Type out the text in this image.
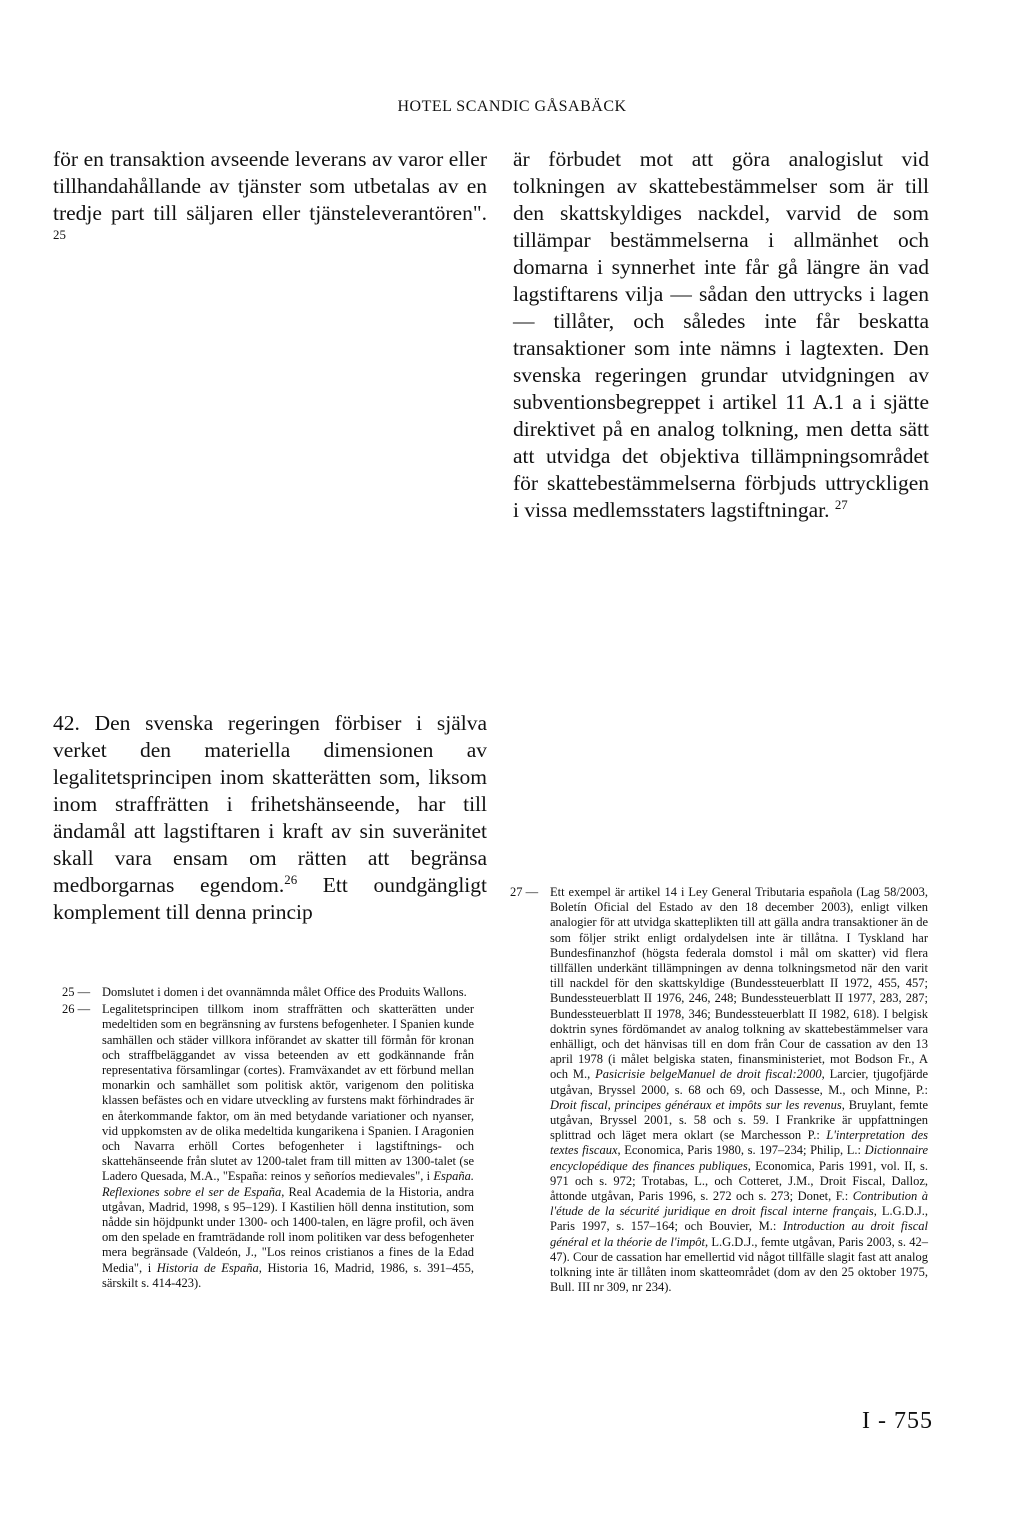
HOTEL SCANDIC GÅSABÄCK
för en transaktion avseende leverans av varor eller tillhandahållande av tjänster som utbetalas av en tredje part till säljaren eller tjänsteleverantören". $^{25}$
är förbudet mot att göra analogislut vid tolkningen av skattebestämmelser som är till den skattskyldiges nackdel, varvid de som tillämpar bestämmelserna i allmänhet och domarna i synnerhet inte får gå längre än vad lagstiftarens vilja — sådan den uttrycks i lagen — tillåter, och således inte får beskatta transaktioner som inte nämns i lagtexten. Den svenska regeringen grundar utvidgningen av subventionsbegreppet i artikel 11 A.1 a i sjätte direktivet på en analog tolkning, men detta sätt att utvidga det objektiva tillämpningsområdet för skattebestämmelserna förbjuds uttryckligen i vissa medlemsstaters lagstiftningar. $^{27}$
42. Den svenska regeringen förbiser i själva verket den materiella dimensionen av legalitetsprincipen inom skatterätten som, liksom inom straffrätten i frihetshänseende, har till ändamål att lagstiftaren i kraft av sin suveränitet skall vara ensam om rätten att begränsa medborgarnas egendom.$^{26}$ Ett oundgängligt komplement till denna princip
25 — Domslutet i domen i det ovannämnda målet Office des Produits Wallons.
26 — Legalitetsprincipen tillkom inom straffrätten och skatterätten under medeltiden som en begränsning av furstens befogenheter. I Spanien kunde samhällen och städer villkora införandet av skatter till förmån för kronan och straffbeläggandet av vissa beteenden av ett godkännande från representativa församlingar (cortes). Framväxandet av ett förbund mellan monarkin och samhället som politisk aktör, varigenom den politiska klassen befästes och en vidare utveckling av furstens makt förhindrades är en återkommande faktor, om än med betydande variationer och nyanser, vid uppkomsten av de olika medeltida kungarikena i Spanien. I Aragonien och Navarra erhöll Cortes befogenheter i lagstiftnings- och skattehänseende från slutet av 1200-talet fram till mitten av 1300-talet (se Ladero Quesada, M.A., "España: reinos y señoríos medievales", i España. Reflexiones sobre el ser de España, Real Academia de la Historia, andra utgåvan, Madrid, 1998, s 95–129). I Kastilien höll denna institution, som nådde sin höjdpunkt under 1300- och 1400-talen, en lägre profil, och även om den spelade en framträdande roll inom politiken var dess befogenheter mera begränsade (Valdeón, J., "Los reinos cristianos a fines de la Edad Media", i Historia de España, Historia 16, Madrid, 1986, s. 391–455, särskilt s. 414-423).
27 — Ett exempel är artikel 14 i Ley General Tributaria española (Lag 58/2003, Boletín Oficial del Estado av den 18 december 2003), enligt vilken analogier för att utvidga skatteplikten till att gälla andra transaktioner än de som följer strikt enligt ordalydelsen inte är tillåtna. I Tyskland har Bundesfinanzhof (högsta federala domstol i mål om skatter) vid flera tillfällen underkänt tillämpningen av denna tolkningsmetod när den varit till nackdel för den skattskyldige (Bundessteuerblatt II 1972, 455, 457; Bundessteuerblatt II 1976, 246, 248; Bundessteuerblatt II 1977, 283, 287; Bundessteuerblatt II 1978, 346; Bundessteuerblatt II 1982, 618). I belgisk doktrin synes fördömandet av analog tolkning av skattebestämmelser vara enhälligt, och det hänvisas till en dom från Cour de cassation av den 13 april 1978 (i målet belgiska staten, finansministeriet, mot Bodson Fr., A och M., Pasicrisie belgeManuel de droit fiscal:2000, Larcier, tjugofjärde utgåvan, Bryssel 2000, s. 68 och 69, och Dassesse, M., och Minne, P.: Droit fiscal, principes généraux et impôts sur les revenus, Bruylant, femte utgåvan, Bryssel 2001, s. 58 och s. 59. I Frankrike är uppfattningen splittrad och läget mera oklart (se Marchesson P.: L'interpretation des textes fiscaux, Economica, Paris 1980, s. 197–234; Philip, L.: Dictionnaire encyclopédique des finances publiques, Economica, Paris 1991, vol. II, s. 971 och s. 972; Trotabas, L., och Cotteret, J.M., Droit Fiscal, Dalloz, åttonde utgåvan, Paris 1996, s. 272 och s. 273; Donet, F.: Contribution à l'étude de la sécurité juridique en droit fiscal interne français, L.G.D.J., Paris 1997, s. 157–164; och Bouvier, M.: Introduction au droit fiscal général et la théorie de l'impôt, L.G.D.J., femte utgåvan, Paris 2003, s. 42–47). Cour de cassation har emellertid vid något tillfälle slagit fast att analog tolkning inte är tillåten inom skatteområdet (dom av den 25 oktober 1975, Bull. III nr 309, nr 234).
I - 755
